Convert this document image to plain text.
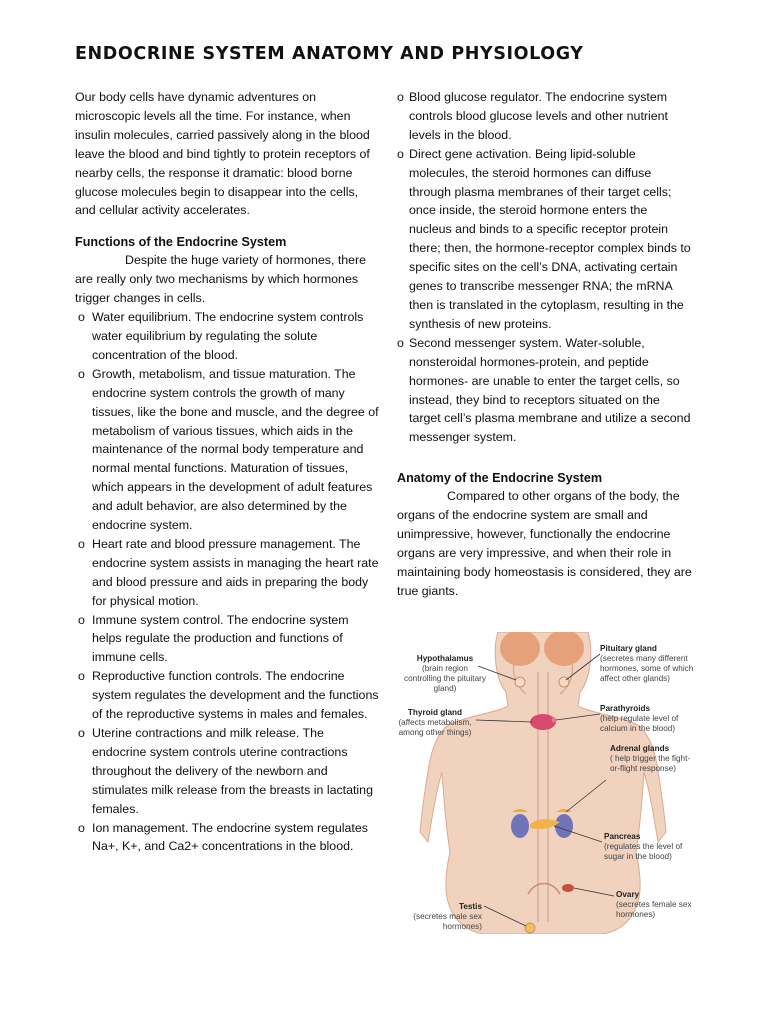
ENDOCRINE SYSTEM ANATOMY AND PHYSIOLOGY

Our body cells have dynamic adventures on microscopic levels all the time. For instance, when insulin molecules, carried passively along in the blood leave the blood and bind tightly to protein receptors of nearby cells, the response it dramatic: blood borne glucose molecules begin to disappear into the cells, and cellular activity accelerates.

Functions of the Endocrine System

Despite the huge variety of hormones, there are really only two mechanisms by which hormones trigger changes in cells.

o Water equilibrium. The endocrine system controls water equilibrium by regulating the solute concentration of the blood.
o Growth, metabolism, and tissue maturation. The endocrine system controls the growth of many tissues, like the bone and muscle, and the degree of metabolism of various tissues, which aids in the maintenance of the normal body temperature and normal mental functions. Maturation of tissues, which appears in the development of adult features and adult behavior, are also determined by the endocrine system.
o Heart rate and blood pressure management. The endocrine system assists in managing the heart rate and blood pressure and aids in preparing the body for physical motion.
o Immune system control. The endocrine system helps regulate the production and functions of immune cells.
o Reproductive function controls. The endocrine system regulates the development and the functions of the reproductive systems in males and females.
o Uterine contractions and milk release. The endocrine system controls uterine contractions throughout the delivery of the newborn and stimulates milk release from the breasts in lactating females.
o Ion management. The endocrine system regulates Na+, K+, and Ca2+ concentrations in the blood.
o Blood glucose regulator. The endocrine system controls blood glucose levels and other nutrient levels in the blood.
o Direct gene activation. Being lipid-soluble molecules, the steroid hormones can diffuse through plasma membranes of their target cells; once inside, the steroid hormone enters the nucleus and binds to a specific receptor protein there; then, the hormone-receptor complex binds to specific sites on the cell’s DNA, activating certain genes to transcribe messenger RNA; the mRNA then is translated in the cytoplasm, resulting in the synthesis of new proteins.
o Second messenger system. Water-soluble, nonsteroidal hormones-protein, and peptide hormones- are unable to enter the target cells, so instead, they bind to receptors situated on the target cell’s plasma membrane and utilize a second messenger system.
Anatomy of the Endocrine System

Compared to other organs of the body, the organs of the endocrine system are small and unimpressive, however, functionally the endocrine organs are very impressive, and when their role in maintaining body homeostasis is considered, they are true giants.

Hypothalamus
(brain region controlling the pituitary gland)
Pituitary gland
(secretes many different hormones, some of which affect other glands)
Thyroid gland
(affects metabolism, among other things)
Parathyroids
(help regulate level of calcium in the blood)
Adrenal glands
( help trigger the fight-or-flight response)
Pancreas
(regulates the level of sugar in the blood)
Ovary
(secretes female sex hormones)
Testis
(secretes male sex hormones)
